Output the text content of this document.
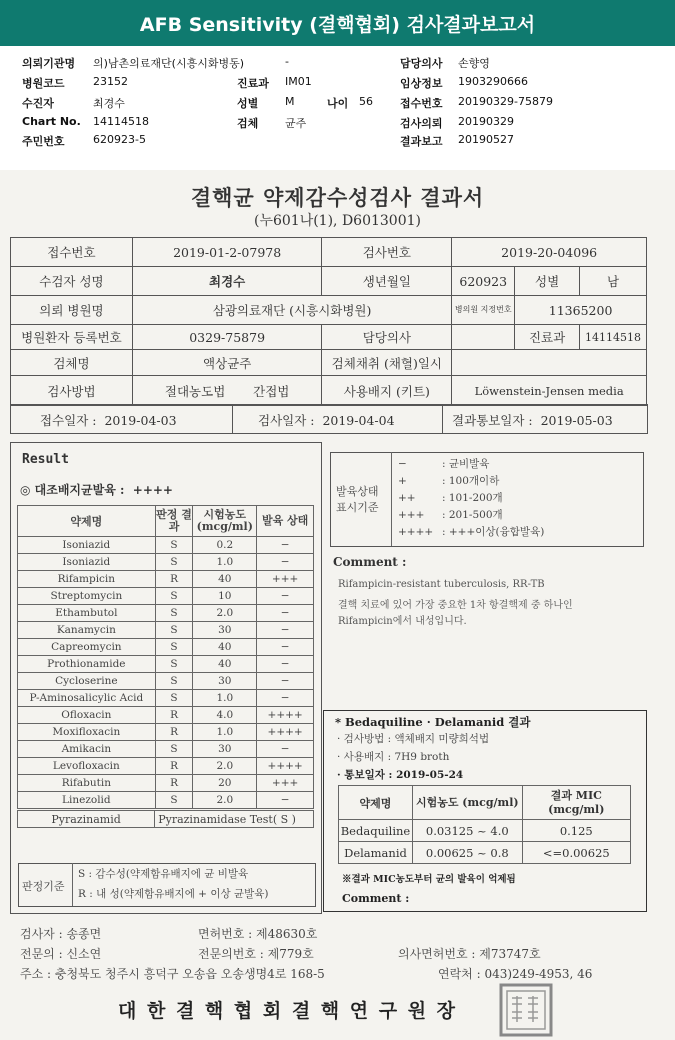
AFB Sensitivity (결핵협회) 검사결과보고서
의뢰기관명 의)남촌의료재단(시흥시화병동)
병원코드	23152
수진자	최경수
Chart No. 14114518
주민번호	620923-5
-
진료과 IM01
성별 M	나이 56
검체 균주
담당의사 손향영
임상정보 1903290666
접수번호 20190329-75879
검사의뢰 20190329
결과보고 20190527
결핵균 약제감수성검사 결과서
(누601나(1), D6013001)
접수번호	2019-01-2-07978	검사번호	2019-20-04096		
수검자 성명	최경수	생년월일	620923	성별	남
의뢰 병원명	삼광의료재단 (시흥시화병원)		병의원 지정번호	11365200	
병원환자 등록번호	0329-75879	담당의사		진료과	14114518
검체명	액상균주	검체채취 (채혈)일시			
검사방법	절대농도법 간접법	사용배지 (키트)	Löwenstein-Jensen media		
접수일자 : 2019-04-03	검사일자 : 2019-04-04	결과통보일자 : 2019-05-03
Result
◎ 대조배지균발육 : ++++
약제명	판정 결과	시험농도 (mcg/ml)	발육 상태
Isoniazid	S	0.2	−
Isoniazid	S	1.0	−
Rifampicin	R	40	+++
Streptomycin	S	10	−
Ethambutol	S	2.0	−
Kanamycin	S	30	−
Capreomycin	S	40	−
Prothionamide	S	40	−
Cycloserine	S	30	−
P-Aminosalicylic Acid	S	1.0	−
Ofloxacin	R	4.0	++++
Moxifloxacin	R	1.0	++++
Amikacin	S	30	−
Levofloxacin	R	2.0	++++
Rifabutin	R	20	+++
Linezolid	S	2.0	−
Pyrazinamid	Pyrazinamidase Test( S )
판정기준
S : 감수성(약제함유배지에 균 비발육
R : 내 성(약제함유배지에 + 이상 균발육)
발육상태 표시기준
−	: 균비발육
+	: 100개이하
++	: 101-200개
+++ : 201-500개
++++ : +++이상(융합발육)
Comment :
Rifampicin-resistant tuberculosis, RR-TB
결핵 치료에 있어 가장 중요한 1차 항결핵제 중 하나인
Rifampicin에서 내성입니다.
* Bedaquiline · Delamanid 결과
· 검사방법 : 액체배지 미량희석법
· 사용배지 : 7H9 broth
· 통보일자 : 2019-05-24
약제명	시험농도 (mcg/ml)	결과 MIC (mcg/ml)
Bedaquiline	0.03125 ~ 4.0	0.125
Delamanid	0.00625 ~ 0.8	<=0.00625
※결과 MIC농도부터 균의 발육이 억제됨
Comment :
검사자 : 송종면	면허번호 : 제48630호
전문의 : 신소연	전문의번호 : 제779호	의사면허번호 : 제73747호
주소 : 충청북도 청주시 흥덕구 오송읍 오송생명4로 168-5	연락처 : 043)249-4953, 46
대 한 결 핵 협 회 결 핵 연 구 원 장
